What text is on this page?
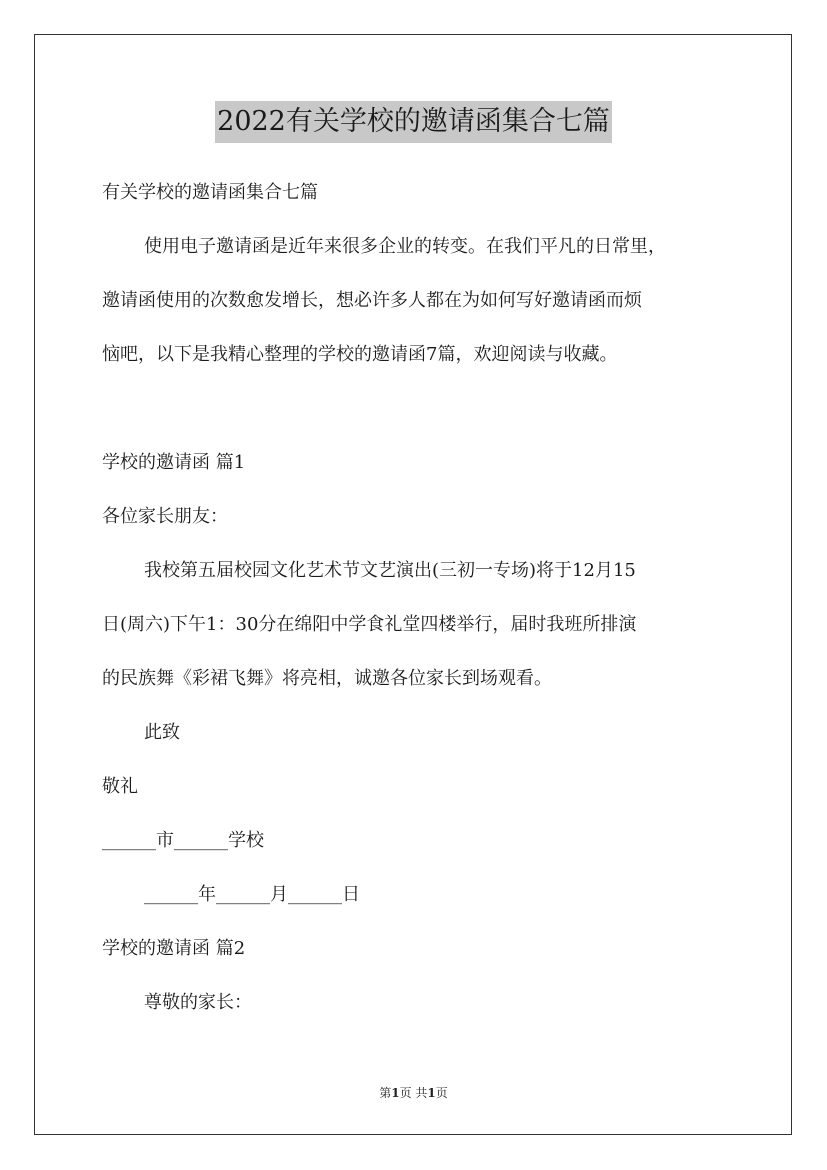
2022有关学校的邀请函集合七篇

有关学校的邀请函集合七篇

使用电子邀请函是近年来很多企业的转变。在我们平凡的日常里，

邀请函使用的次数愈发增长，想必许多人都在为如何写好邀请函而烦

恼吧，以下是我精心整理的学校的邀请函7篇，欢迎阅读与收藏。

学校的邀请函 篇1

各位家长朋友：

我校第五届校园文化艺术节文艺演出(三初一专场)将于12月15

日(周六)下午1：30分在绵阳中学食礼堂四楼举行，届时我班所排演

的民族舞《彩裙飞舞》将亮相，诚邀各位家长到场观看。

此致

敬礼

______市______学校

______年______月______日

学校的邀请函 篇2

尊敬的家长：

第1页 共1页
